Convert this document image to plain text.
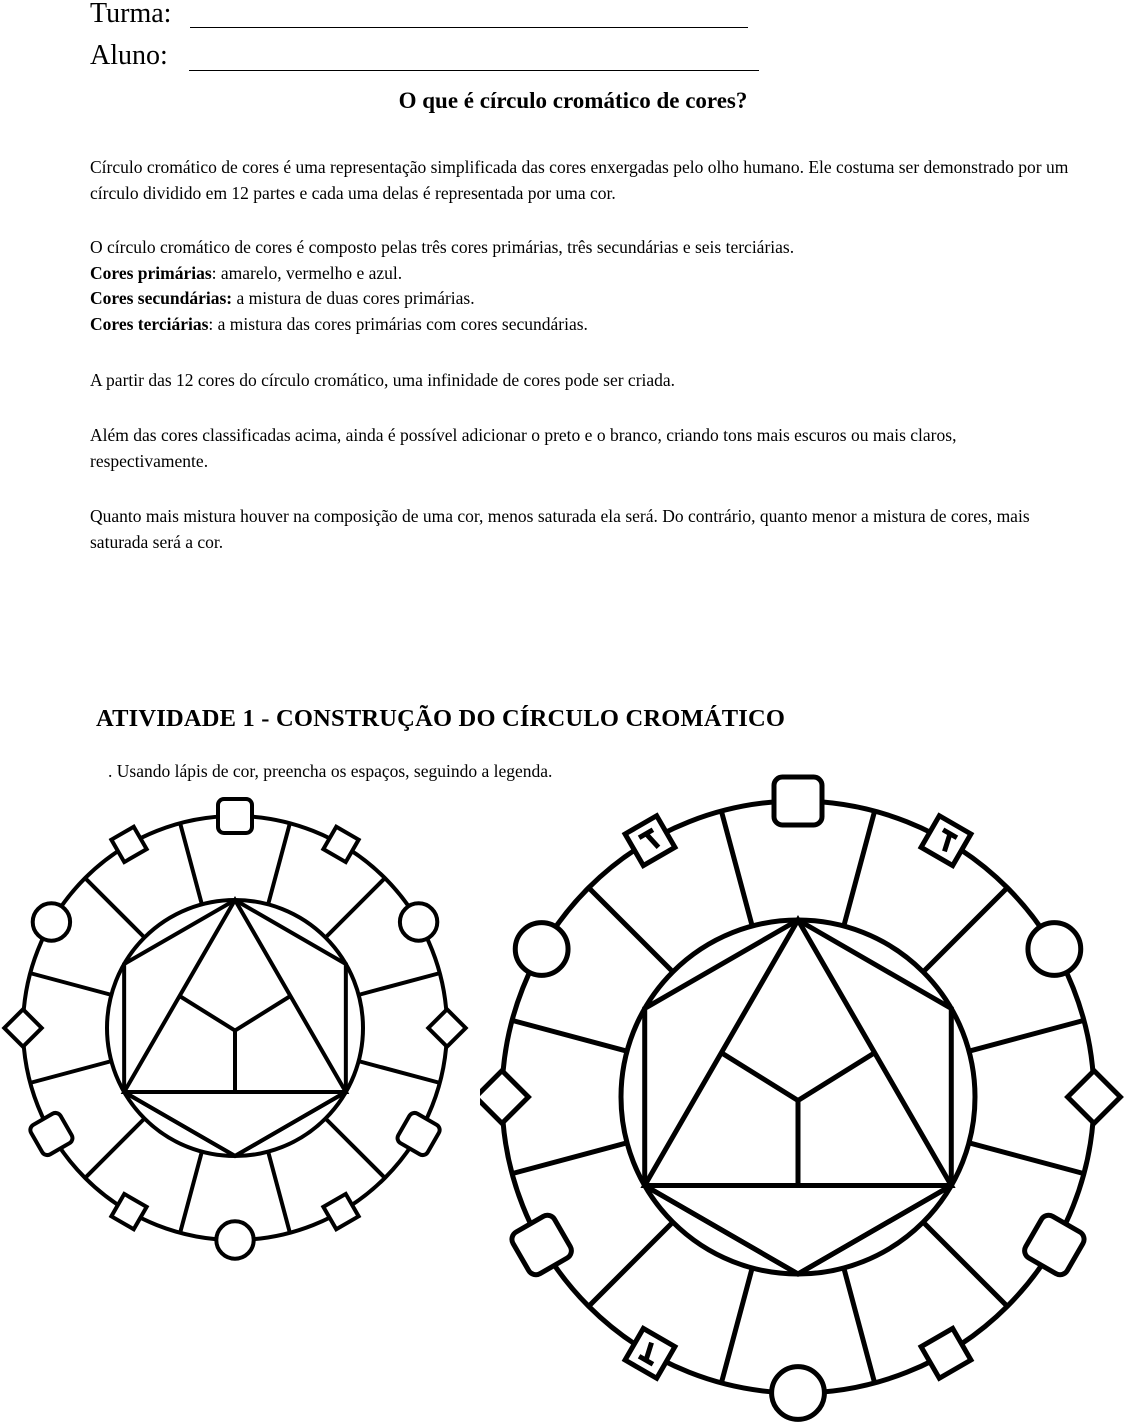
Turma:
Aluno:
O que é círculo cromático de cores?

Círculo cromático de cores é uma representação simplificada das cores enxergadas pelo olho humano. Ele costuma ser demonstrado por um círculo dividido em 12 partes e cada uma delas é representada por uma cor.

O círculo cromático de cores é composto pelas três cores primárias, três secundárias e seis terciárias.

Cores primárias: amarelo, vermelho e azul.

Cores secundárias: a mistura de duas cores primárias.

Cores terciárias: a mistura das cores primárias com cores secundárias.

A partir das 12 cores do círculo cromático, uma infinidade de cores pode ser criada.

Além das cores classificadas acima, ainda é possível adicionar o preto e o branco, criando tons mais escuros ou mais claros, respectivamente.

Quanto mais mistura houver na composição de uma cor, menos saturada ela será. Do contrário, quanto menor a mistura de cores, mais saturada será a cor.

ATIVIDADE 1 - CONSTRUÇÃO DO CÍRCULO CROMÁTICO
. Usando lápis de cor, preencha os espaços, seguindo a legenda.
